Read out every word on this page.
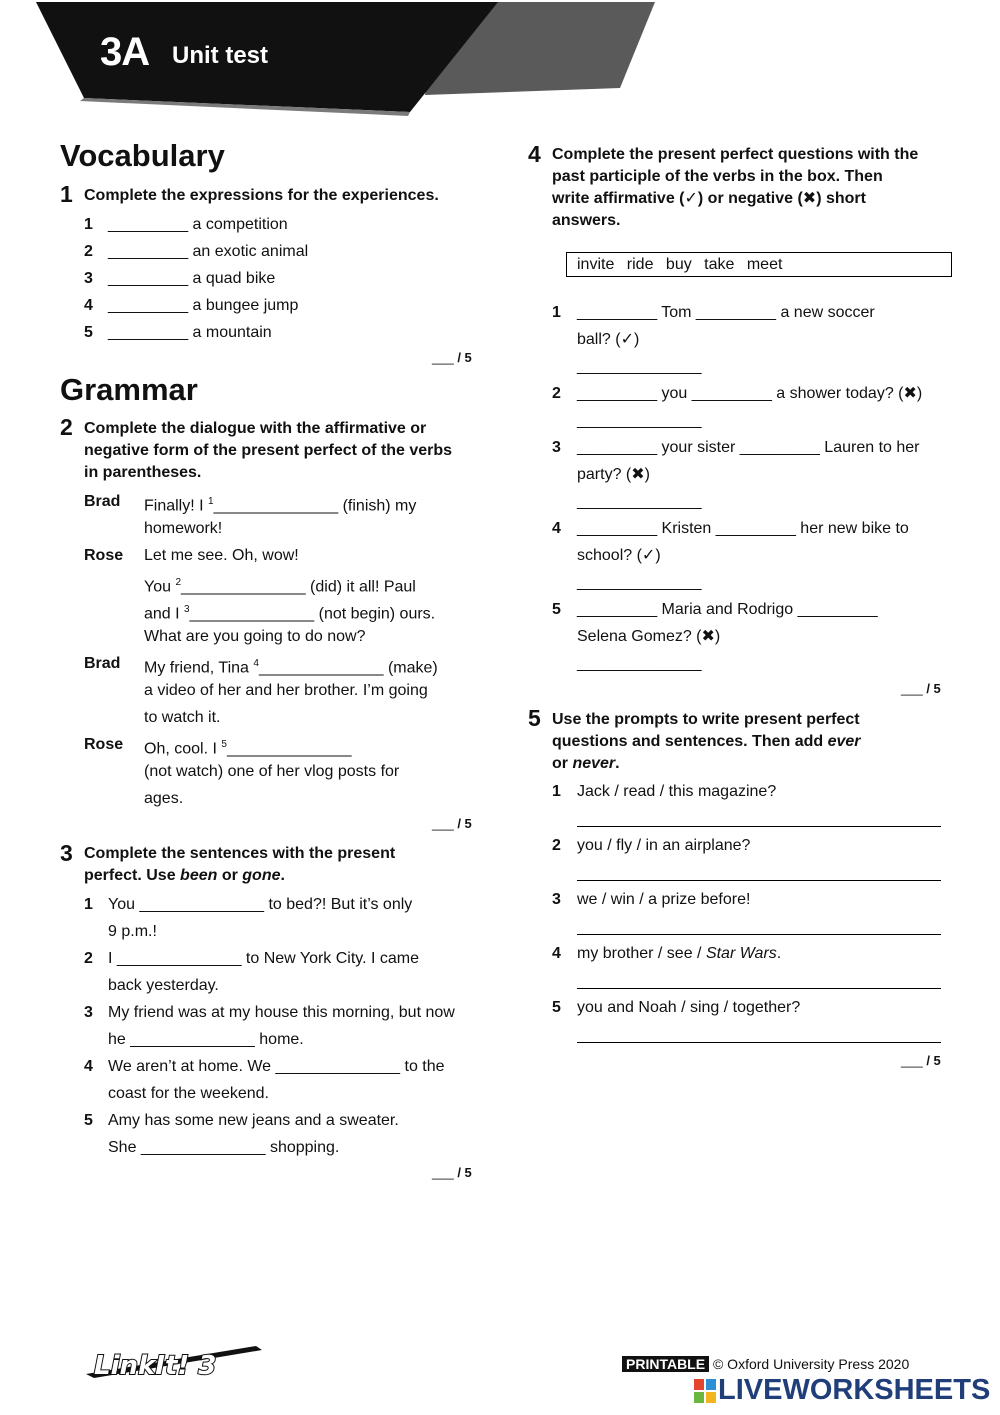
3A Unit test
Vocabulary
1 Complete the expressions for the experiences.
1 _________ a competition
2 _________ an exotic animal
3 _________ a quad bike
4 _________ a bungee jump
5 _________ a mountain
___ / 5
Grammar
2 Complete the dialogue with the affirmative or
negative form of the present perfect of the verbs
in parentheses.
Brad Finally! I $^1$______________ (finish) my
homework!
Rose Let me see. Oh, wow!
You $^2$______________ (did) it all! Paul
and I $^3$______________ (not begin) ours.
What are you going to do now?
Brad My friend, Tina $^4$______________ (make)
a video of her and her brother. I’m going
to watch it.
Rose Oh, cool. I $^5$______________
(not watch) one of her vlog posts for
ages.
___ / 5
3 Complete the sentences with the present
perfect. Use been or gone.
1 You ______________ to bed?! But it’s only
9 p.m.!
2 I ______________ to New York City. I came
back yesterday.
3 My friend was at my house this morning, but now
he ______________ home.
4 We aren’t at home. We ______________ to the
coast for the weekend.
5 Amy has some new jeans and a sweater.
She ______________ shopping.
___ / 5
4 Complete the present perfect questions with the
past participle of the verbs in the box. Then
write affirmative (✓) or negative (✖) short
answers.
invite ride buy take meet
1	_________ Tom _________ a new soccer
ball? (✓)
______________
2	_________ you _________ a shower today? (✖)
______________
3	_________ your sister _________ Lauren to her
party? (✖)
______________
4	_________ Kristen _________ her new bike to
school? (✓)
______________
5	_________ Maria and Rodrigo _________
Selena Gomez? (✖)
______________
___ / 5
5 Use the prompts to write present perfect
questions and sentences. Then add ever
or never.
1	Jack / read / this magazine?
2	you / fly / in an airplane?
3	we / win / a prize before!
4	my brother / see / Star Wars.
5	you and Noah / sing / together?
___ / 5
LinkIt! 3	PRINTABLE © Oxford University Press 2020
LIVEWORKSHEETS
